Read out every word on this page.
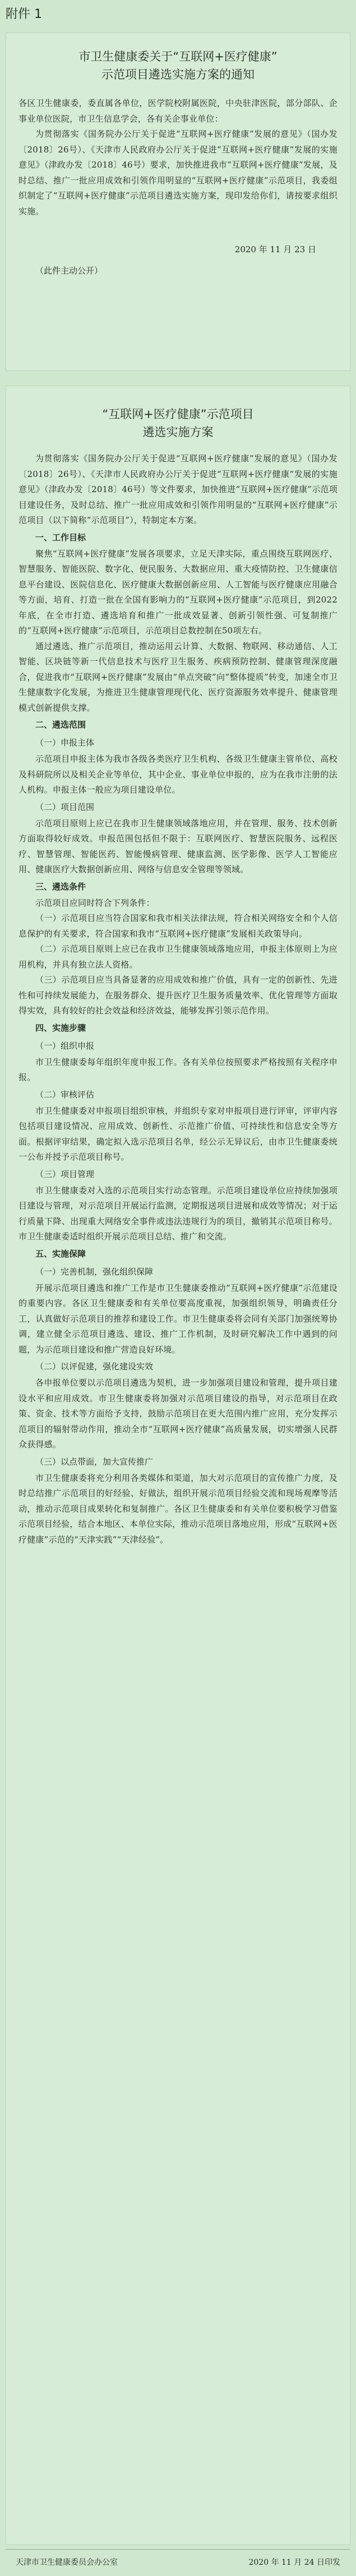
附件 1
市卫生健康委关于“互联网+医疗健康”
示范项目遴选实施方案的通知
各区卫生健康委，委直属各单位，医学院校附属医院，中央驻津医院，部分部队、企事业单位医院，市卫生信息学会，各有关企事业单位：
为贯彻落实《国务院办公厅关于促进“互联网+医疗健康”发展的意见》（国办发〔2018〕26号）、《天津市人民政府办公厅关于促进“互联网+医疗健康”发展的实施意见》（津政办发〔2018〕46号）要求，加快推进我市“互联网+医疗健康”发展，及时总结、推广一批应用成效和引领作用明显的“互联网+医疗健康”示范项目，我委组织制定了“互联网+医疗健康”示范项目遴选实施方案，现印发给你们，请按要求组织实施。
2020 年 11 月 23 日
（此件主动公开）
“互联网+医疗健康”示范项目
遴选实施方案
为贯彻落实《国务院办公厅关于促进“互联网+医疗健康”发展的意见》（国办发〔2018〕26号）、《天津市人民政府办公厅关于促进“互联网+医疗健康”发展的实施意见》（津政办发〔2018〕46号）等文件要求，加快推进“互联网+医疗健康”示范项目建设任务，及时总结、推广一批应用成效和引领作用明显的“互联网+医疗健康”示范项目（以下简称“示范项目”），特制定本方案。
一、工作目标
聚焦“互联网+医疗健康”发展各项要求，立足天津实际，重点围绕互联网医疗、智慧服务、智能医院、数字化、便民服务、大数据应用、重大疫情防控、卫生健康信息平台建设、医院信息化、医疗健康大数据创新应用、人工智能与医疗健康应用融合等方面，培育、打造一批在全国有影响力的“互联网+医疗健康”示范项目，到2022年底，在全市打造、遴选培育和推广一批成效显著、创新引领性强、可复制推广的“互联网+医疗健康”示范项目，示范项目总数控制在50项左右。
通过遴选、推广示范项目，推动运用云计算、大数据、物联网、移动通信、人工智能、区块链等新一代信息技术与医疗卫生服务、疾病预防控制、健康管理深度融合，促进我市“互联网+医疗健康”发展由“单点突破”向“整体提质”转变，加速全市卫生健康数字化发展，为推进卫生健康管理现代化、医疗资源服务效率提升、健康管理模式创新提供支撑。
二、遴选范围
（一）申报主体
示范项目申报主体为我市各级各类医疗卫生机构、各级卫生健康主管单位、高校及科研院所以及相关企业等单位，其中企业、事业单位申报的，应为在我市注册的法人机构。申报主体一般应为项目建设单位。
（二）项目范围
示范项目原则上应已在我市卫生健康领域落地应用，并在管理、服务、技术创新方面取得较好成效。申报范围包括但不限于：互联网医疗、智慧医院服务、远程医疗、智慧管理、智能医药、智能慢病管理、健康监测、医学影像、医学人工智能应用、健康医疗大数据创新应用、网络与信息安全管理等领域。
三、遴选条件
示范项目应同时符合下列条件：
（一）示范项目应当符合国家和我市相关法律法规，符合相关网络安全和个人信息保护的有关要求，符合国家和我市“互联网+医疗健康”发展相关政策导向。
（二）示范项目原则上应已在我市卫生健康领域落地应用，申报主体原则上为应用机构，并具有独立法人资格。
（三）示范项目应当具备显著的应用成效和推广价值，具有一定的创新性、先进性和可持续发展能力，在服务群众、提升医疗卫生服务质量效率、优化管理等方面取得实效，具有较好的社会效益和经济效益，能够发挥引领示范作用。
四、实施步骤
（一）组织申报
市卫生健康委每年组织年度申报工作。各有关单位按照要求严格按照有关程序申报。
（二）审核评估
市卫生健康委对申报项目组织审核，并组织专家对申报项目进行评审，评审内容包括项目建设情况、应用成效、创新性、示范推广价值、可持续性和信息安全等方面。根据评审结果，确定拟入选示范项目名单，经公示无异议后，由市卫生健康委统一公布并授予示范项目称号。
（三）项目管理
市卫生健康委对入选的示范项目实行动态管理。示范项目建设单位应持续加强项目建设与管理，对示范项目开展运行监测，定期报送项目进展和成效等情况；对于运行质量下降、出现重大网络安全事件或违法违规行为的项目，撤销其示范项目称号。市卫生健康委适时组织开展示范项目总结、推广和交流。
五、实施保障
（一）完善机制，强化组织保障
开展示范项目遴选和推广工作是市卫生健康委推动“互联网+医疗健康”示范建设的重要内容。各区卫生健康委和有关单位要高度重视，加强组织领导，明确责任分工，认真做好示范项目的推荐和建设工作。市卫生健康委将会同有关部门加强统筹协调，建立健全示范项目遴选、建设、推广工作机制，及时研究解决工作中遇到的问题，为示范项目建设和推广营造良好环境。
（二）以评促建，强化建设实效
各申报单位要以示范项目遴选为契机，进一步加强项目建设和管理，提升项目建设水平和应用成效。市卫生健康委将加强对示范项目建设的指导，对示范项目在政策、资金、技术等方面给予支持，鼓励示范项目在更大范围内推广应用，充分发挥示范项目的辐射带动作用，推动全市“互联网+医疗健康”高质量发展，切实增强人民群众获得感。
（三）以点带面，加大宣传推广
市卫生健康委将充分利用各类媒体和渠道，加大对示范项目的宣传推广力度，及时总结推广示范项目的好经验、好做法，组织开展示范项目经验交流和现场观摩等活动，推动示范项目成果转化和复制推广。各区卫生健康委和有关单位要积极学习借鉴示范项目经验，结合本地区、本单位实际，推动示范项目落地应用，形成“互联网+医疗健康”示范的“天津实践”“天津经验”。
天津市卫生健康委员会办公室	2020 年 11 月 24 日印发
